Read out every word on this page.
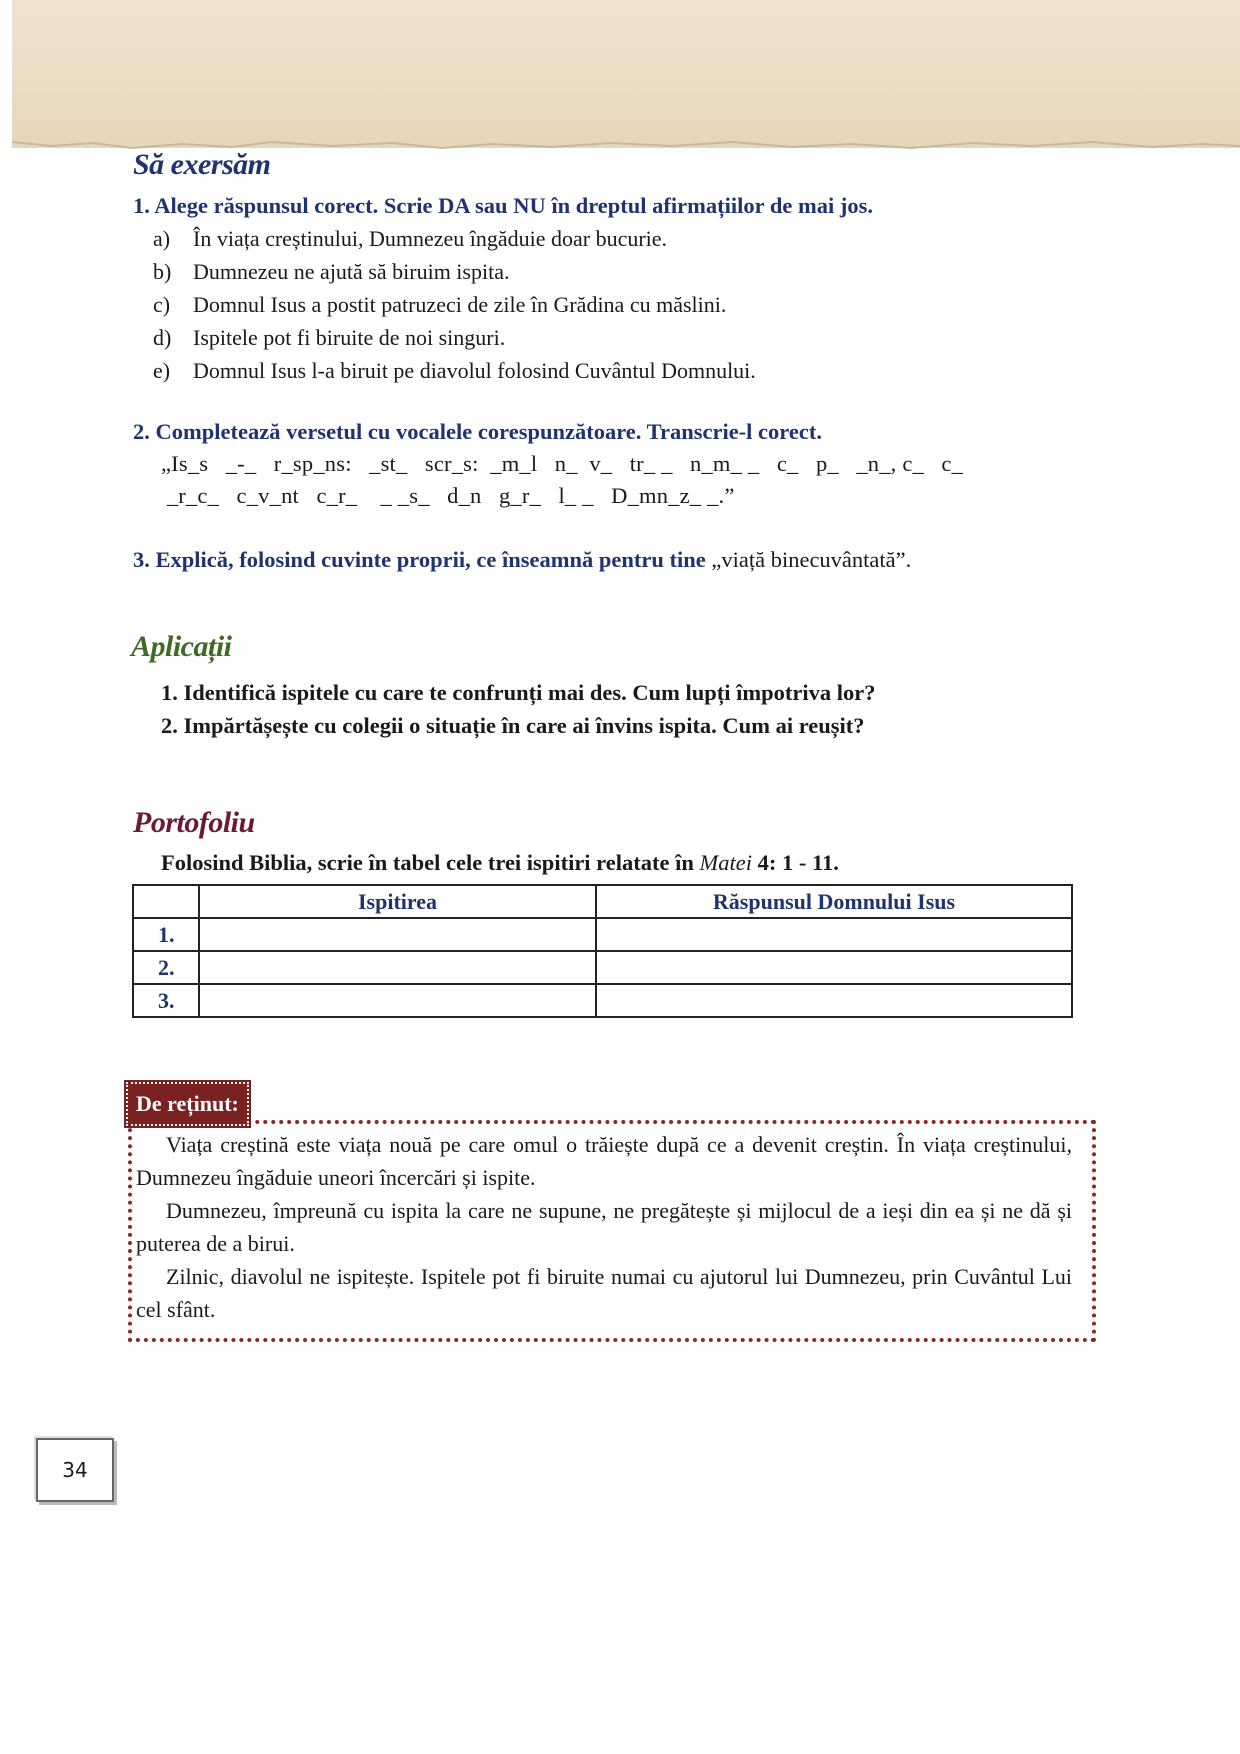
Să exersăm
1. Alege răspunsul corect. Scrie DA sau NU în dreptul afirmațiilor de mai jos.
a) În viața creștinului, Dumnezeu îngăduie doar bucurie.
b) Dumnezeu ne ajută să biruim ispita.
c) Domnul Isus a postit patruzeci de zile în Grădina cu măslini.
d) Ispitele pot fi biruite de noi singuri.
e) Domnul Isus l-a biruit pe diavolul folosind Cuvântul Domnului.
2. Completează versetul cu vocalele corespunzătoare. Transcrie-l corect.
„Is_s   _-_   r_sp_ns:   _st_   scr_s:  _m_l   n_  v_   tr_ _   n_m_ _   c_   p_   _n_, c_   c_
_r_c_   c_v_nt   c_r_    _ _s_   d_n   g_r_   l_ _   D_mn_z_ _.”
3. Explică, folosind cuvinte proprii, ce înseamnă pentru tine „viață binecuvântată”.
Aplicații
1. Identifică ispitele cu care te confrunți mai des. Cum lupți împotriva lor?
2. Impărtășește cu colegii o situație în care ai învins ispita. Cum ai reușit?
Portofoliu
Folosind Biblia, scrie în tabel cele trei ispitiri relatate în Matei 4: 1 - 11.
	Ispitirea	Răspunsul Domnului Isus
1.		
2.		
3.		

Viața creștină este viața nouă pe care omul o trăiește după ce a devenit creștin. În viața creștinului, Dumnezeu îngăduie uneori încercări și ispite.

Dumnezeu, împreună cu ispita la care ne supune, ne pregătește și mijlocul de a ieși din ea și ne dă și puterea de a birui.

Zilnic, diavolul ne ispitește. Ispitele pot fi biruite numai cu ajutorul lui Dumnezeu, prin Cuvântul Lui cel sfânt.

De reținut:
34
